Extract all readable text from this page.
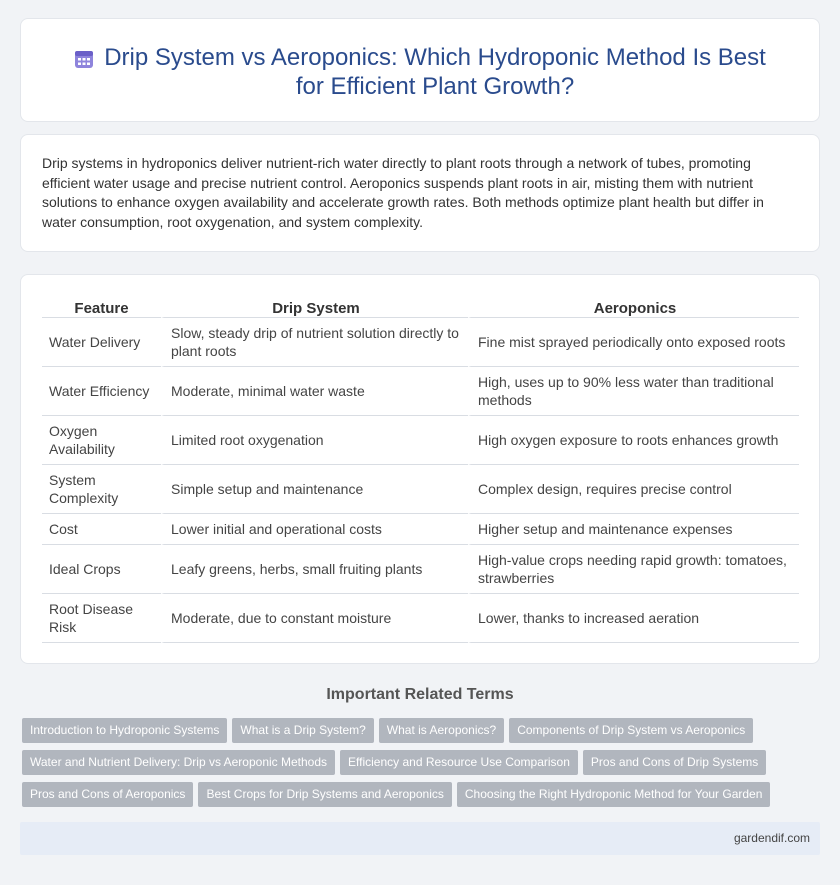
Drip System vs Aeroponics: Which Hydroponic Method Is Best for Efficient Plant Growth?

Drip systems in hydroponics deliver nutrient-rich water directly to plant roots through a network of tubes, promoting efficient water usage and precise nutrient control. Aeroponics suspends plant roots in air, misting them with nutrient solutions to enhance oxygen availability and accelerate growth rates. Both methods optimize plant health but differ in water consumption, root oxygenation, and system complexity.

Feature	Drip System	Aeroponics
Water Delivery	Slow, steady drip of nutrient solution directly to plant roots	Fine mist sprayed periodically onto exposed roots
Water Efficiency	Moderate, minimal water waste	High, uses up to 90% less water than traditional methods
Oxygen Availability	Limited root oxygenation	High oxygen exposure to roots enhances growth
System Complexity	Simple setup and maintenance	Complex design, requires precise control
Cost	Lower initial and operational costs	Higher setup and maintenance expenses
Ideal Crops	Leafy greens, herbs, small fruiting plants	High-value crops needing rapid growth: tomatoes, strawberries
Root Disease Risk	Moderate, due to constant moisture	Lower, thanks to increased aeration
Important Related Terms
Introduction to Hydroponic Systems What is a Drip System? What is Aeroponics? Components of Drip System vs Aeroponics
Water and Nutrient Delivery: Drip vs Aeroponic Methods Efficiency and Resource Use Comparison Pros and Cons of Drip Systems
Pros and Cons of Aeroponics Best Crops for Drip Systems and Aeroponics Choosing the Right Hydroponic Method for Your Garden
gardendif.com
